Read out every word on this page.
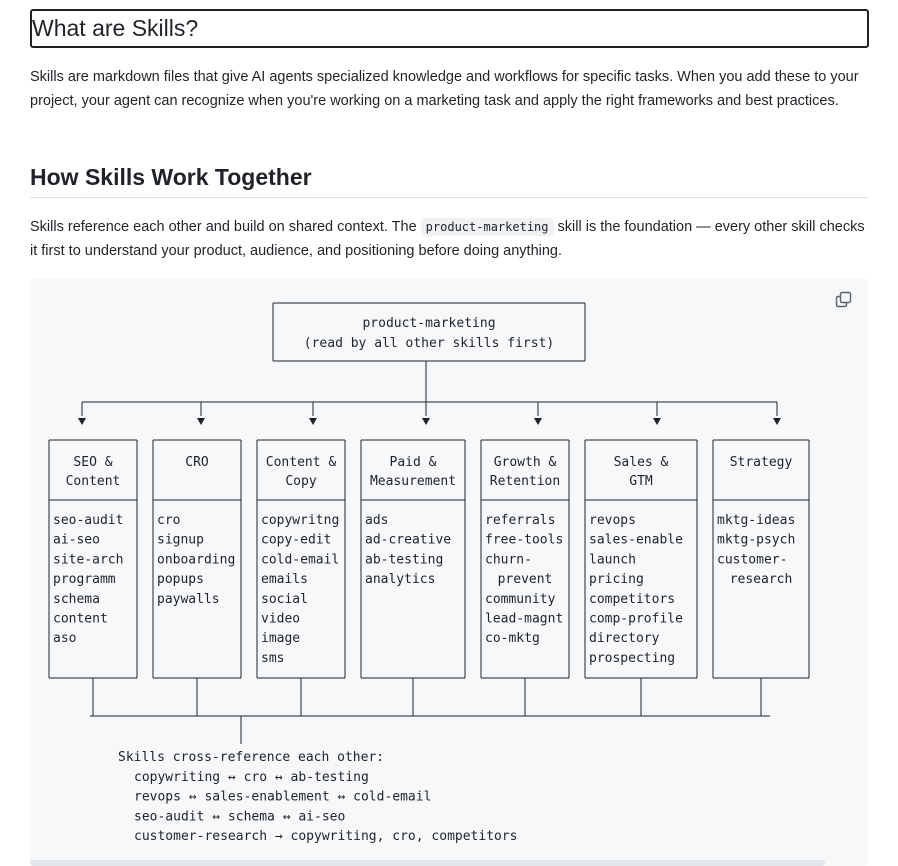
What are Skills?

Skills are markdown files that give AI agents specialized knowledge and workflows for specific tasks. When you add these to your project, your agent can recognize when you're working on a marketing task and apply the right frameworks and best practices.

How Skills Work Together

Skills reference each other and build on shared context. The product-marketing skill is the foundation — every other skill checks it first to understand your product, audience, and positioning before doing anything.

product-marketing
(read by all other skills first)
SEO &
Content
seo-audit
ai-seo
site-arch
programm
schema
content
aso
CRO
cro
signup
onboarding
popups
paywalls
Content &
Copy
copywritng
copy-edit
cold-email
emails
social
video
image
sms
Paid &
Measurement
ads
ad-creative
ab-testing
analytics
Growth &
Retention
referrals
free-tools
churn-
prevent
community
lead-magnt
co-mktg
Sales &
GTM
revops
sales-enable
launch
pricing
competitors
comp-profile
directory
prospecting
Strategy
mktg-ideas
mktg-psych
customer-
research
Skills cross-reference each other:
copywriting ↔ cro ↔ ab-testing
revops ↔ sales-enablement ↔ cold-email
seo-audit ↔ schema ↔ ai-seo
customer-research → copywriting, cro, competitors
